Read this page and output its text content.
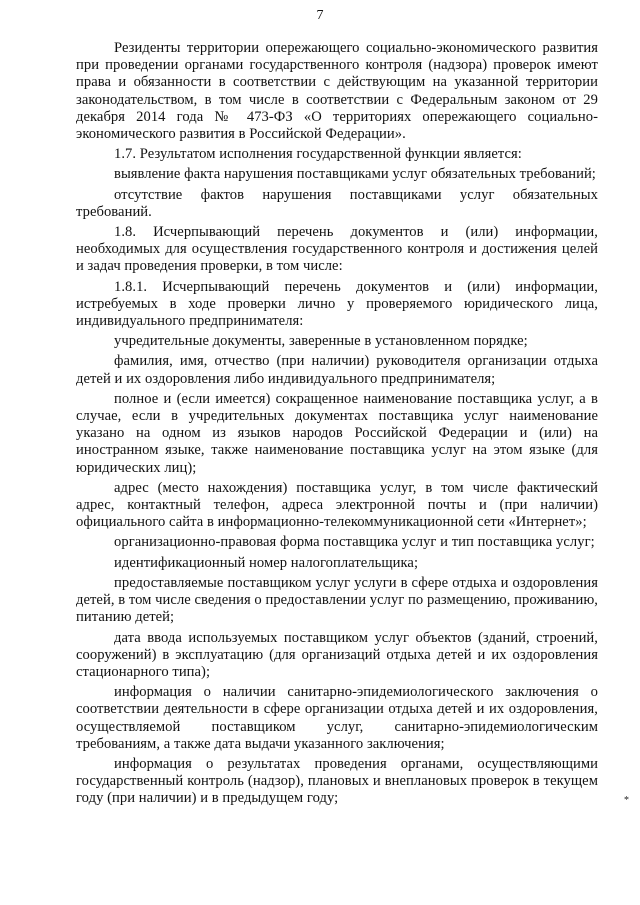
7

Резиденты территории опережающего социально-экономического развития при проведении органами государственного контроля (надзора) проверок имеют права и обязанности в соответствии с действующим на указанной территории законодательством, в том числе в соответствии с Федеральным законом от 29 декабря 2014 года № 473-ФЗ «О территориях опережающего социально-экономического развития в Российской Федерации».

1.7. Результатом исполнения государственной функции является:

выявление факта нарушения поставщиками услуг обязательных требований;

отсутствие фактов нарушения поставщиками услуг обязательных требований.

1.8. Исчерпывающий перечень документов и (или) информации, необходимых для осуществления государственного контроля и достижения целей и задач проведения проверки, в том числе:

1.8.1. Исчерпывающий перечень документов и (или) информации, истребуемых в ходе проверки лично у проверяемого юридического лица, индивидуального предпринимателя:

учредительные документы, заверенные в установленном порядке;

фамилия, имя, отчество (при наличии) руководителя организации отдыха детей и их оздоровления либо индивидуального предпринимателя;

полное и (если имеется) сокращенное наименование поставщика услуг, а в случае, если в учредительных документах поставщика услуг наименование указано на одном из языков народов Российской Федерации и (или) на иностранном языке, также наименование поставщика услуг на этом языке (для юридических лиц);

адрес (место нахождения) поставщика услуг, в том числе фактический адрес, контактный телефон, адреса электронной почты и (при наличии) официального сайта в информационно-телекоммуникационной сети «Интернет»;

организационно-правовая форма поставщика услуг и тип поставщика услуг;

идентификационный номер налогоплательщика;

предоставляемые поставщиком услуг услуги в сфере отдыха и оздоровления детей, в том числе сведения о предоставлении услуг по размещению, проживанию, питанию детей;

дата ввода используемых поставщиком услуг объектов (зданий, строений, сооружений) в эксплуатацию (для организаций отдыха детей и их оздоровления стационарного типа);

информация о наличии санитарно-эпидемиологического заключения о соответствии деятельности в сфере организации отдыха детей и их оздоровления, осуществляемой поставщиком услуг, санитарно-эпидемиологическим требованиям, а также дата выдачи указанного заключения;

информация о результатах проведения органами, осуществляющими государственный контроль (надзор), плановых и внеплановых проверок в текущем году (при наличии) и в предыдущем году;	*
